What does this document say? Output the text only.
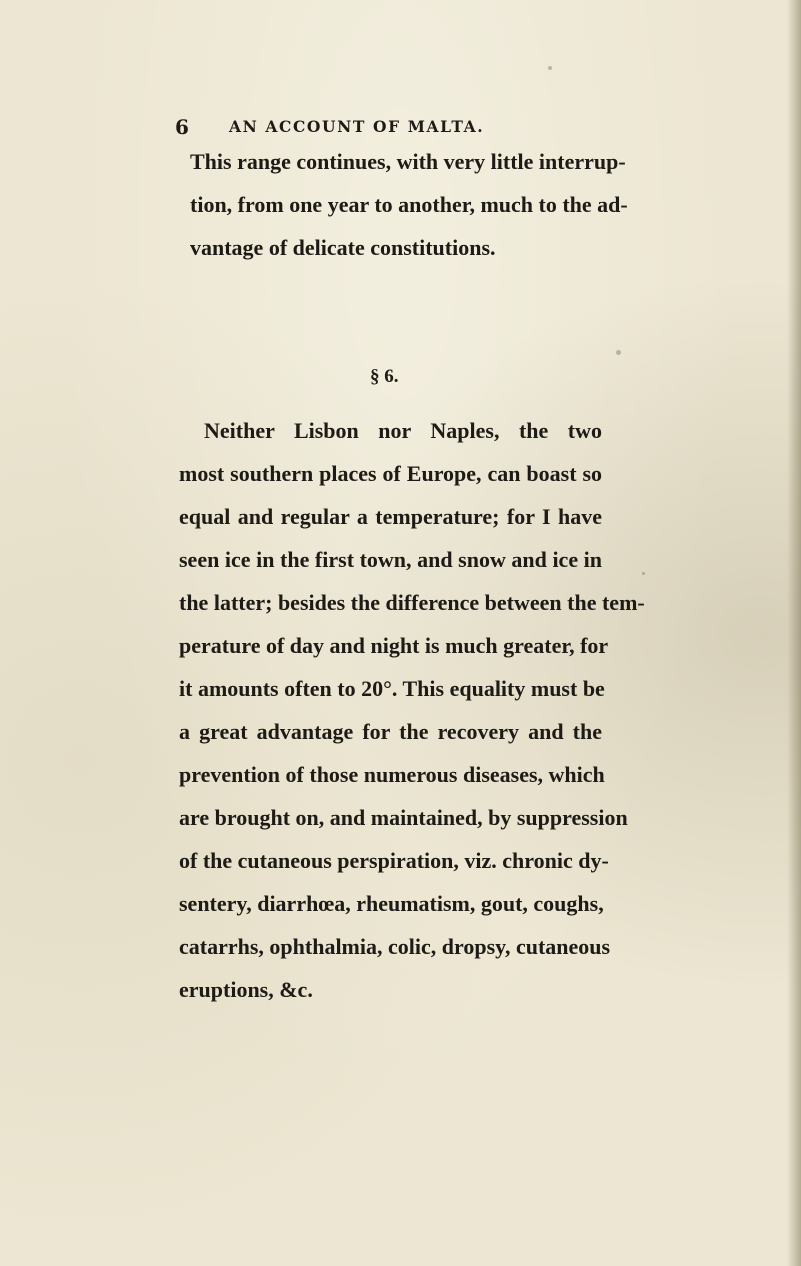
6	AN ACCOUNT OF MALTA.

This range continues, with very little interrup-
tion, from one year to another, much to the ad-
vantage of delicate constitutions.

§ 6.

Neither Lisbon nor Naples, the two
most southern places of Europe, can boast so
equal and regular a temperature; for I have
seen ice in the first town, and snow and ice in
the latter; besides the difference between the tem-
perature of day and night is much greater, for
it amounts often to 20°. This equality must be
a great advantage for the recovery and the
prevention of those numerous diseases, which
are brought on, and maintained, by suppression
of the cutaneous perspiration, viz. chronic dy-
sentery, diarrhœa, rheumatism, gout, coughs,
catarrhs, ophthalmia, colic, dropsy, cutaneous
eruptions, &c.
